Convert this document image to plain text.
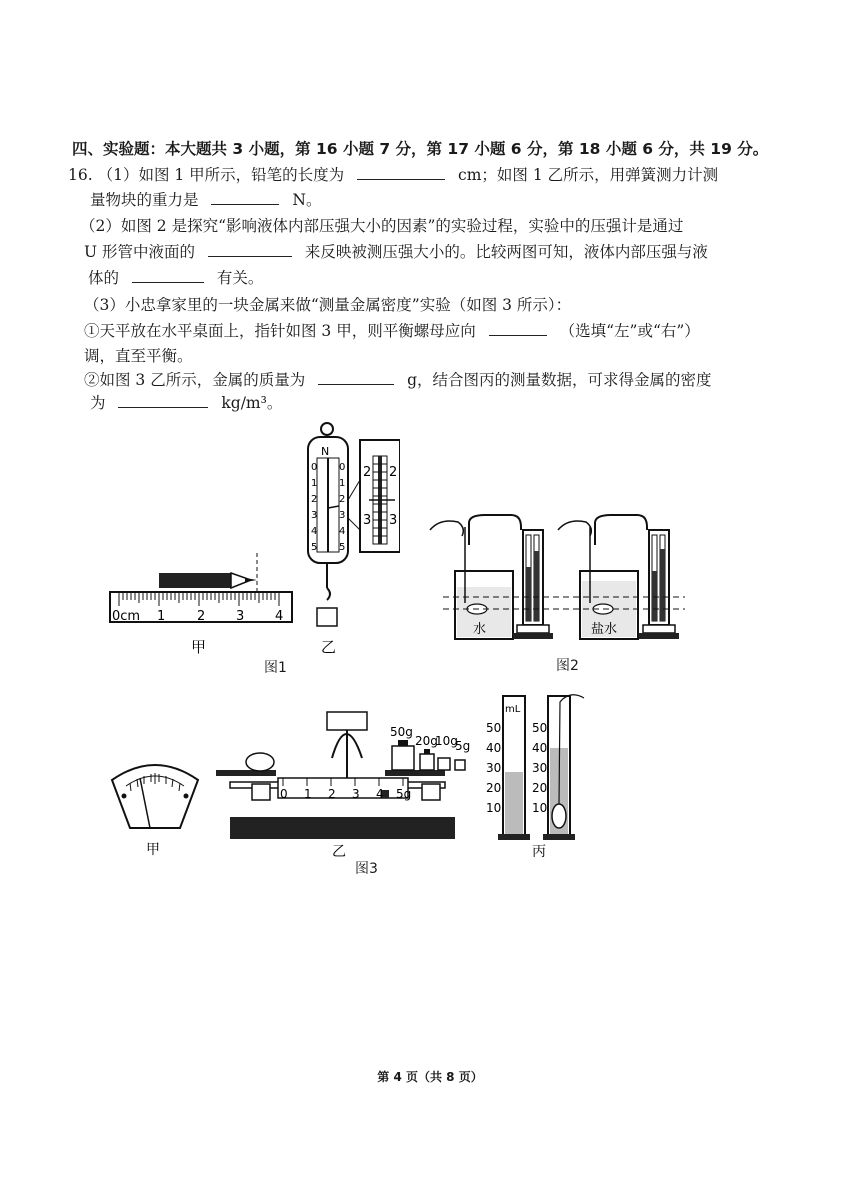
四、实验题：本大题共 3 小题，第 16 小题 7 分，第 17 小题 6 分，第 18 小题 6 分，共 19 分。
16. （1）如图 1 甲所示，铅笔的长度为	cm；如图 1 乙所示，用弹簧测力计测
量物块的重力是	N。
（2）如图 2 是探究“影响液体内部压强大小的因素”的实验过程，实验中的压强计是通过
U 形管中液面的	来反映被测压强大小的。比较两图可知，液体内部压强与液
体的	有关。
（3）小忠拿家里的一块金属来做“测量金属密度”实验（如图 3 所示）：
①天平放在水平桌面上，指针如图 3 甲，则平衡螺母应向	（选填“左”或“右”）
调，直至平衡。
②如图 3 乙所示，金属的质量为	g，结合图丙的测量数据，可求得金属的密度
为	kg/m³。
0cm 1 2 3 4
甲
N
0
1
2
3
4
5
0
1
2
3
4
5
乙
2 2
3 3
图1
水	盐水
图2
甲
0 1 2 3 4 5g
50g
20g
10g
5g
乙
mL
50
40
30
20
10
50
40
30
20
10
丙
图3
第 4 页（共 8 页）
